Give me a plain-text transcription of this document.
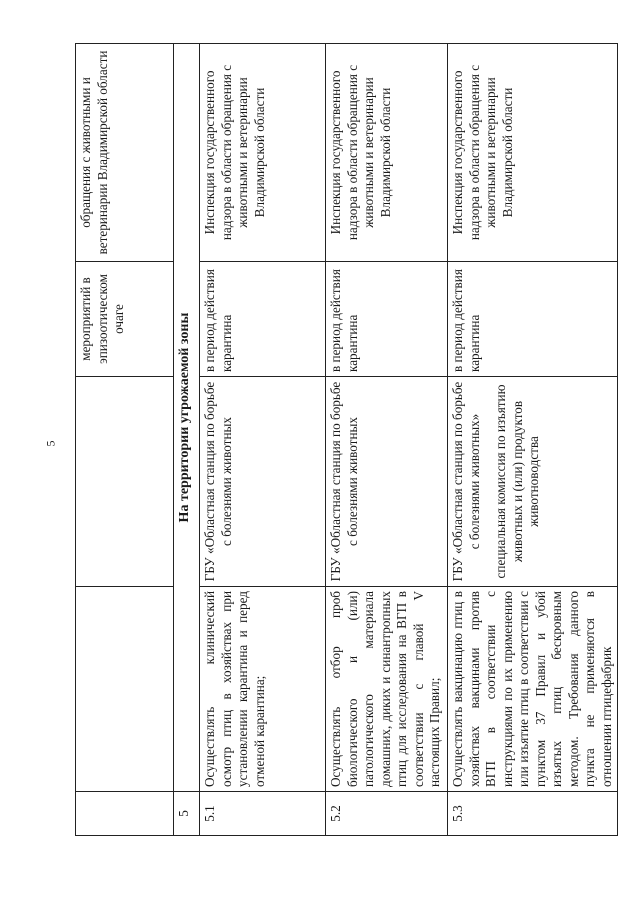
5
			мероприятий в эпизоотическом очаге	обращения с животными и ветеринарии Владимирской области
5	На территории угрожаемой зоны			
5.1	Осуществлять клинический осмотр птиц в хозяйствах при установлении карантина и перед отменой карантина;	ГБУ «Областная станция по борьбе с болезнями животных	в период действия карантина	Инспекция государственного надзора в области обращения с животными и ветеринарии Владимирской области
5.2	Осуществлять отбор проб биологического и (или) патологического материала домашних, диких и синантропных птиц для исследования на ВГП в соответствии с главой V настоящих Правил;	ГБУ «Областная станция по борьбе с болезнями животных	в период действия карантина	Инспекция государственного надзора в области обращения с животными и ветеринарии Владимирской области
5.3	Осуществлять вакцинацию птиц в хозяйствах вакцинами против ВГП в соответствии с инструкциями по их применению или изъятие птиц в соответствии с пунктом 37 Правил и убой изъятых птиц бескровным методом. Требования данного пункта не применяются в отношении птицефабрик	ГБУ «Областная станция по борьбе с болезнями животных» специальная комиссия по изъятию животных и (или) продуктов животноводства	в период действия карантина	Инспекция государственного надзора в области обращения с животными и ветеринарии Владимирской области
